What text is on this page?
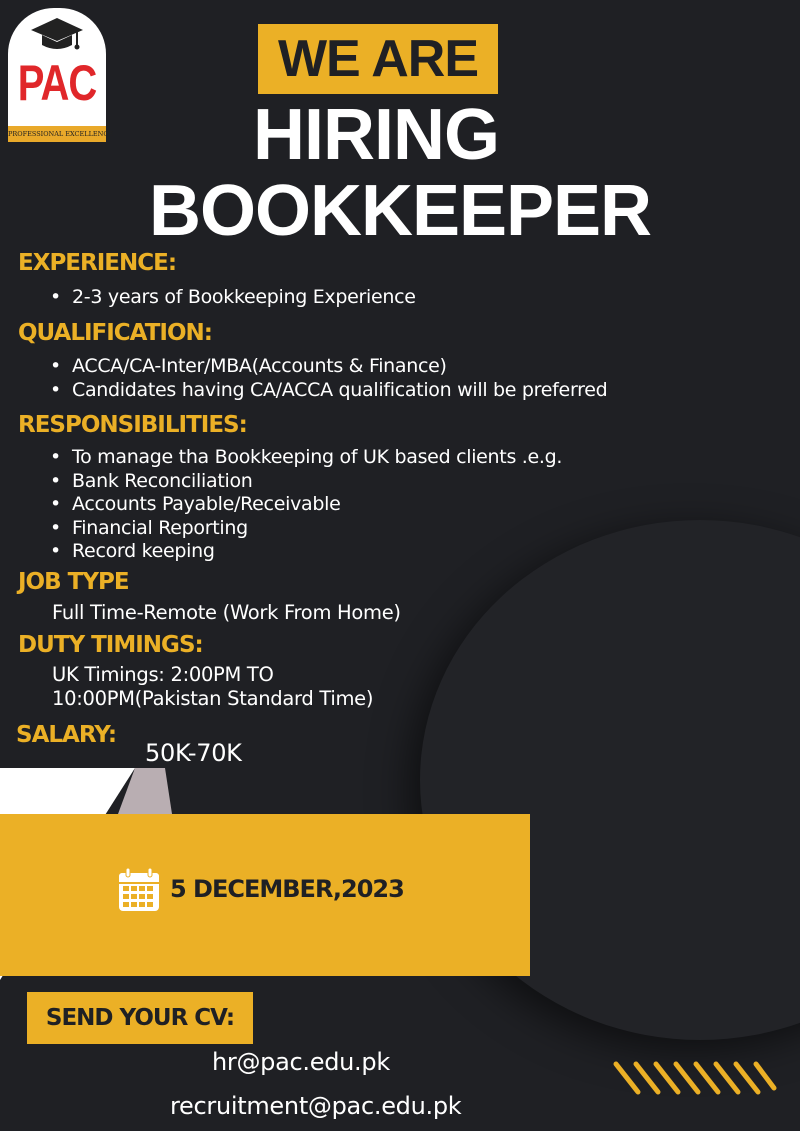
PAC
PROFESSIONAL EXCELLENCE
WE ARE
HIRING
BOOKKEEPER
EXPERIENCE:
• 2-3 years of Bookkeeping Experience
QUALIFICATION:
• ACCA/CA-Inter/MBA(Accounts & Finance)
• Candidates having CA/ACCA qualification will be preferred
RESPONSIBILITIES:
• To manage tha Bookkeeping of UK based clients .e.g.
• Bank Reconciliation
• Accounts Payable/Receivable
• Financial Reporting
• Record keeping
JOB TYPE
Full Time-Remote (Work From Home)
DUTY TIMINGS:
UK Timings: 2:00PM TO
10:00PM(Pakistan Standard Time)
SALARY:
50K-70K
5 DECEMBER,2023
SEND YOUR CV:
hr@pac.edu.pk
recruitment@pac.edu.pk
